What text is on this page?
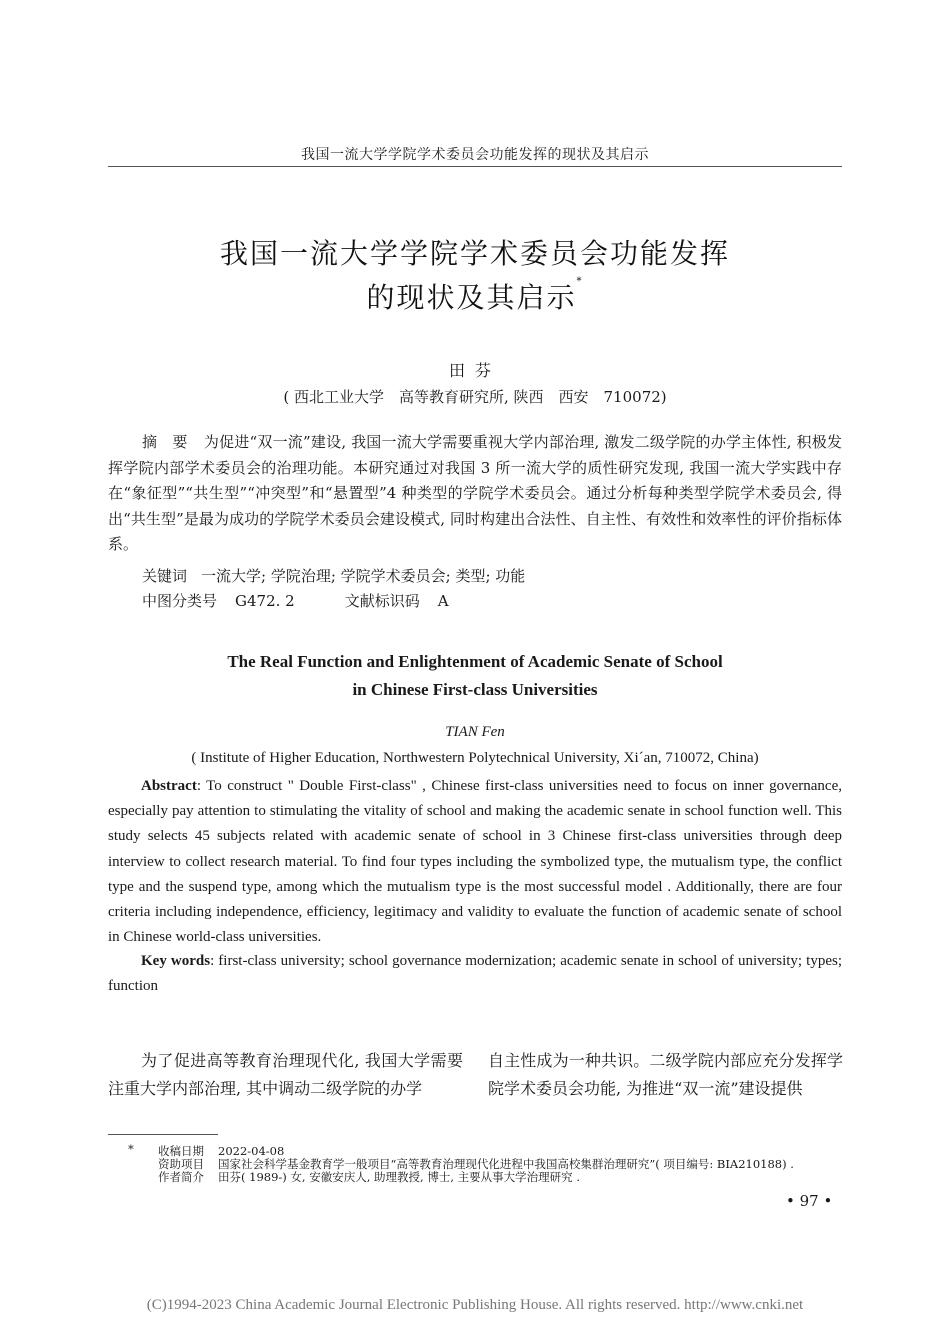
我国一流大学学院学术委员会功能发挥的现状及其启示
我国一流大学学院学术委员会功能发挥
的现状及其启示*
田芬
( 西北工业大学　高等教育研究所, 陕西　西安　710072)
摘　要 为促进“双一流”建设, 我国一流大学需要重视大学内部治理, 激发二级学院的办学主体性, 积极发挥学院内部学术委员会的治理功能。本研究通过对我国 3 所一流大学的质性研究发现, 我国一流大学实践中存在“象征型”“共生型”“冲突型”和“悬置型”4 种类型的学院学术委员会。通过分析每种类型学院学术委员会, 得出“共生型”是最为成功的学院学术委员会建设模式, 同时构建出合法性、自主性、有效性和效率性的评价指标体系。
关键词 一流大学; 学院治理; 学院学术委员会; 类型; 功能
中图分类号 G472. 2	文献标识码 A
The Real Function and Enlightenment of Academic Senate of School
in Chinese First-class Universities
TIAN Fen
( Institute of Higher Education, Northwestern Polytechnical University, Xi´an, 710072, China)
Abstract: To construct " Double First-class" , Chinese first-class universities need to focus on inner governance, especially pay attention to stimulating the vitality of school and making the academic senate in school function well. This study selects 45 subjects related with academic senate of school in 3 Chinese first-class universities through deep interview to collect research material. To find four types including the symbolized type, the mutualism type, the conflict type and the suspend type, among which the mutualism type is the most successful model . Additionally, there are four criteria including independence, efficiency, legitimacy and validity to evaluate the function of academic senate of school in Chinese world-class universities.
Key words: first-class university; school governance modernization; academic senate in school of university; types; function
为了促进高等教育治理现代化, 我国大学需要注重大学内部治理, 其中调动二级学院的办学
自主性成为一种共识。二级学院内部应充分发挥学院学术委员会功能, 为推进“双一流”建设提供
* 收稿日期 2022-04-08
资助项目 国家社会科学基金教育学一般项目“高等教育治理现代化进程中我国高校集群治理研究”( 项目编号: BIA210188) .
作者简介 田芬( 1989-) 女, 安徽安庆人, 助理教授, 博士, 主要从事大学治理研究 .
• 97 •
(C)1994-2023 China Academic Journal Electronic Publishing House. All rights reserved. http://www.cnki.net
